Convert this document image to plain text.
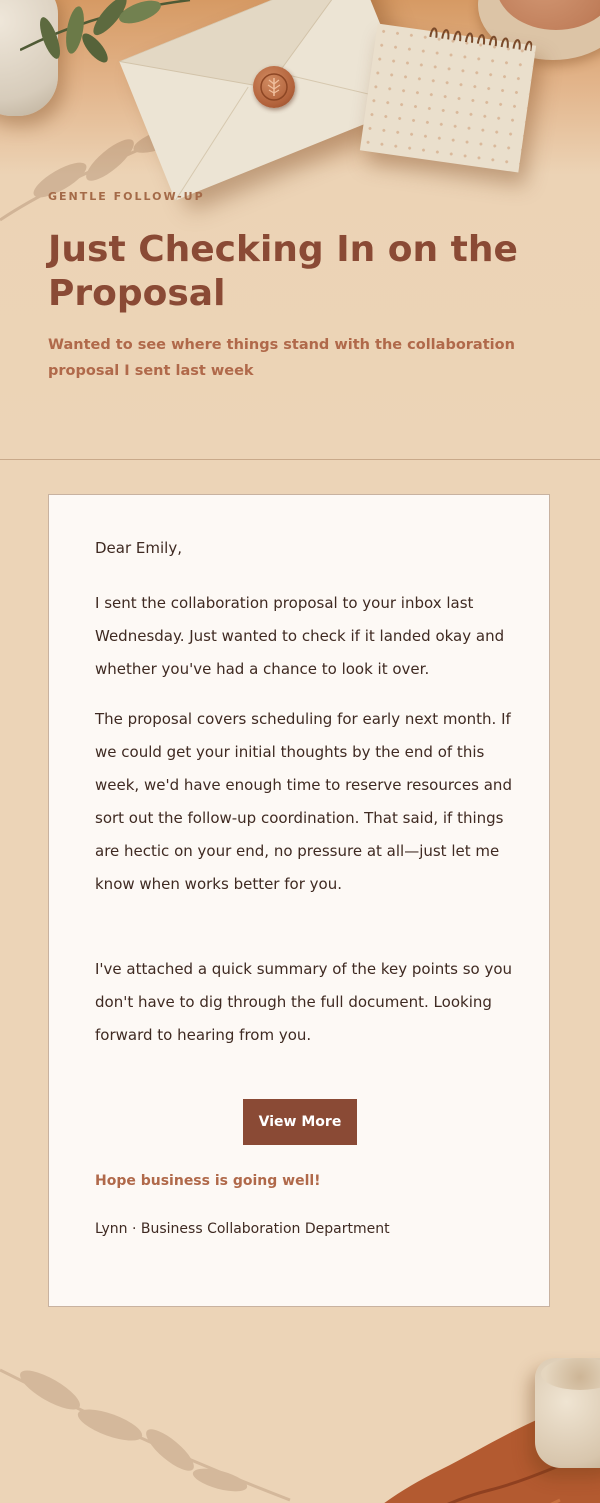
GENTLE FOLLOW-UP

Just Checking In on the Proposal

Wanted to see where things stand with the collaboration proposal I sent last week

Dear Emily,

I sent the collaboration proposal to your inbox last Wednesday. Just wanted to check if it landed okay and whether you've had a chance to look it over.

The proposal covers scheduling for early next month. If we could get your initial thoughts by the end of this week, we'd have enough time to reserve resources and sort out the follow-up coordination. That said, if things are hectic on your end, no pressure at all—just let me know when works better for you.

I've attached a quick summary of the key points so you don't have to dig through the full document. Looking forward to hearing from you.

View More

Hope business is going well!

Lynn · Business Collaboration Department
